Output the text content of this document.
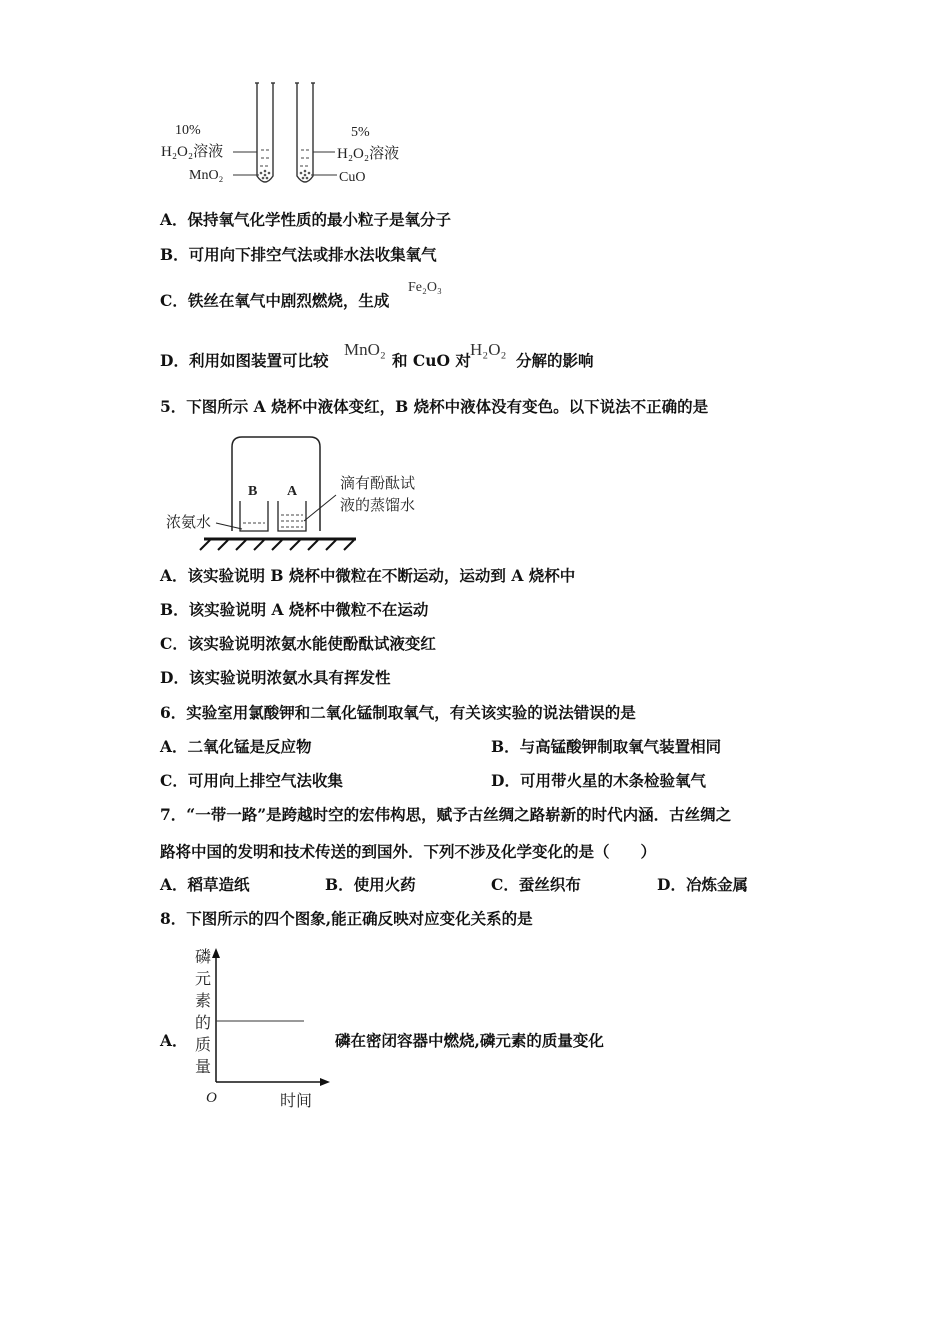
10%
H₂O₂溶液
MnO₂
5%
H₂O₂溶液
CuO
A．保持氧气化学性质的最小粒子是氧分子
B．可用向下排空气法或排水法收集氧气
C．铁丝在氧气中剧烈燃烧，生成
Fe₂O₃
D．利用如图装置可比较
MnO₂
和 CuO 对
H₂O₂
分解的影响
5．下图所示 A 烧杯中液体变红，B 烧杯中液体没有变色。以下说法不正确的是
B A
浓氨水
滴有酚酞试
液的蒸馏水
A．该实验说明 B 烧杯中微粒在不断运动，运动到 A 烧杯中
B．该实验说明 A 烧杯中微粒不在运动
C．该实验说明浓氨水能使酚酞试液变红
D．该实验说明浓氨水具有挥发性
6．实验室用氯酸钾和二氧化锰制取氧气，有关该实验的说法错误的是
A．二氧化锰是反应物	B．与高锰酸钾制取氧气装置相同
C．可用向上排空气法收集	D．可用带火星的木条检验氧气
7．“一带一路”是跨越时空的宏伟构思，赋予古丝绸之路崭新的时代内涵．古丝绸之
路将中国的发明和技术传送的到国外．下列不涉及化学变化的是（　　）
A．稻草造纸	B．使用火药	C．蚕丝织布	D．冶炼金属
8．下图所示的四个图象,能正确反映对应变化关系的是
A．
磷
元
素
的
质
量
时间
O
磷在密闭容器中燃烧,磷元素的质量变化
